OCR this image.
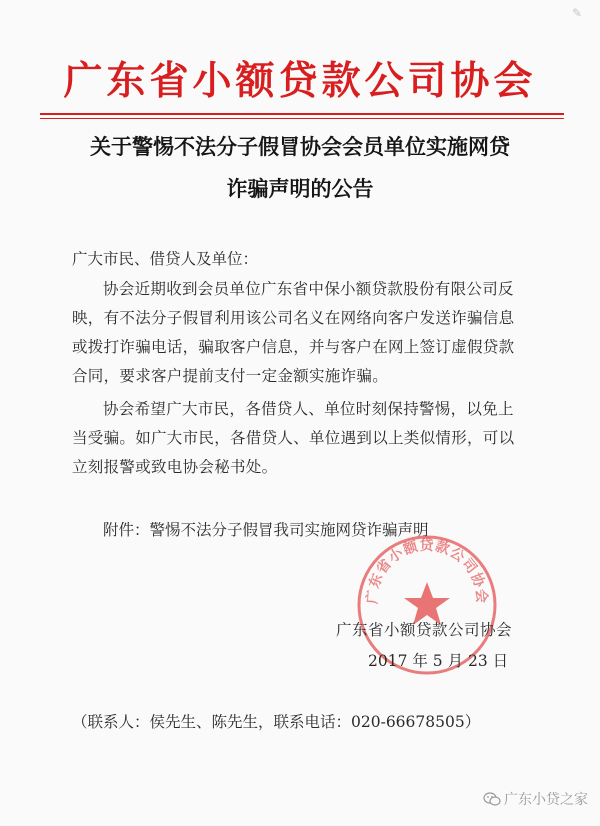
✎
广东省小额贷款公司协会
关于警惕不法分子假冒协会会员单位实施网贷
诈骗声明的公告
广大市民、借贷人及单位：
协会近期收到会员单位广东省中保小额贷款股份有限公司反映，有不法分子假冒利用该公司名义在网络向客户发送诈骗信息或拨打诈骗电话，骗取客户信息，并与客户在网上签订虚假贷款合同，要求客户提前支付一定金额实施诈骗。
协会希望广大市民，各借贷人、单位时刻保持警惕，以免上当受骗。如广大市民，各借贷人、单位遇到以上类似情形，可以立刻报警或致电协会秘书处。
附件：警惕不法分子假冒我司实施网贷诈骗声明
广东省小额贷款公司协会
广东省小额贷款公司协会
2017 年 5 月 23 日
（联系人：侯先生、陈先生，联系电话：020-66678505）
广东小贷之家
